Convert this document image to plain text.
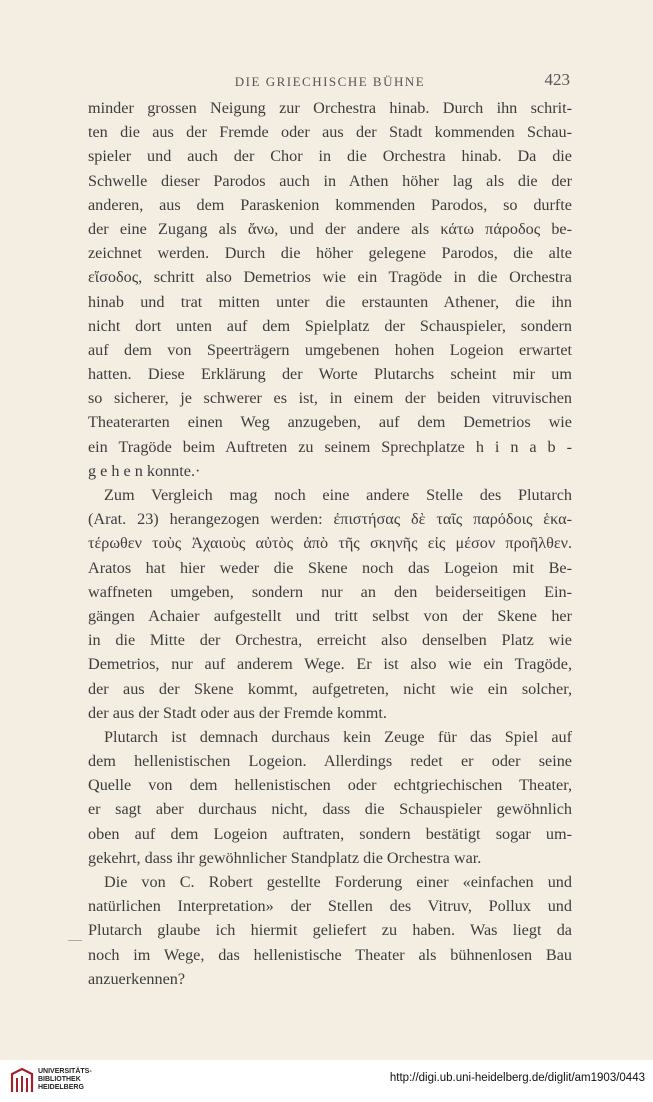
DIE GRIECHISCHE BÜHNE	423
minder grossen Neigung zur Orchestra hinab. Durch ihn schrit-
ten die aus der Fremde oder aus der Stadt kommenden Schau-
spieler und auch der Chor in die Orchestra hinab. Da die
Schwelle dieser Parodos auch in Athen höher lag als die der
anderen, aus dem Paraskenion kommenden Parodos, so durfte
der eine Zugang als ἄνω, und der andere als κάτω πάροδος be-
zeichnet werden. Durch die höher gelegene Parodos, die alte
εἴσοδος, schritt also Demetrios wie ein Tragöde in die Orchestra
hinab und trat mitten unter die erstaunten Athener, die ihn
nicht dort unten auf dem Spielplatz der Schauspieler, sondern
auf dem von Speerträgern umgebenen hohen Logeion erwartet
hatten. Diese Erklärung der Worte Plutarchs scheint mir um
so sicherer, je schwerer es ist, in einem der beiden vitruvischen
Theaterarten einen Weg anzugeben, auf dem Demetrios wie
ein Tragöde beim Auftreten zu seinem Sprechplatze h i n a b -
g e h e n konnte.·
Zum Vergleich mag noch eine andere Stelle des Plutarch
(Arat. 23) herangezogen werden: ἐπιστήσας δὲ ταῖς παρόδοις ἑκα-
τέρωθεν τοὺς Ἀχαιοὺς αὐτὸς ἀπὸ τῆς σκηνῆς εἰς μέσον προῆλθεν.
Aratos hat hier weder die Skene noch das Logeion mit Be-
waffneten umgeben, sondern nur an den beiderseitigen Ein-
gängen Achaier aufgestellt und tritt selbst von der Skene her
in die Mitte der Orchestra, erreicht also denselben Platz wie
Demetrios, nur auf anderem Wege. Er ist also wie ein Tragöde,
der aus der Skene kommt, aufgetreten, nicht wie ein solcher,
der aus der Stadt oder aus der Fremde kommt.
Plutarch ist demnach durchaus kein Zeuge für das Spiel auf
dem hellenistischen Logeion. Allerdings redet er oder seine
Quelle von dem hellenistischen oder echtgriechischen Theater,
er sagt aber durchaus nicht, dass die Schauspieler gewöhnlich
oben auf dem Logeion auftraten, sondern bestätigt sogar um-
gekehrt, dass ihr gewöhnlicher Standplatz die Orchestra war.
Die von C. Robert gestellte Forderung einer «einfachen und
natürlichen Interpretation» der Stellen des Vitruv, Pollux und
Plutarch glaube ich hiermit geliefert zu haben. Was liegt da
noch im Wege, das hellenistische Theater als bühnenlosen Bau
anzuerkennen?
UNIVERSITÄTS-
BIBLIOTHEK
HEIDELBERG
http://digi.ub.uni-heidelberg.de/diglit/am1903/0443
